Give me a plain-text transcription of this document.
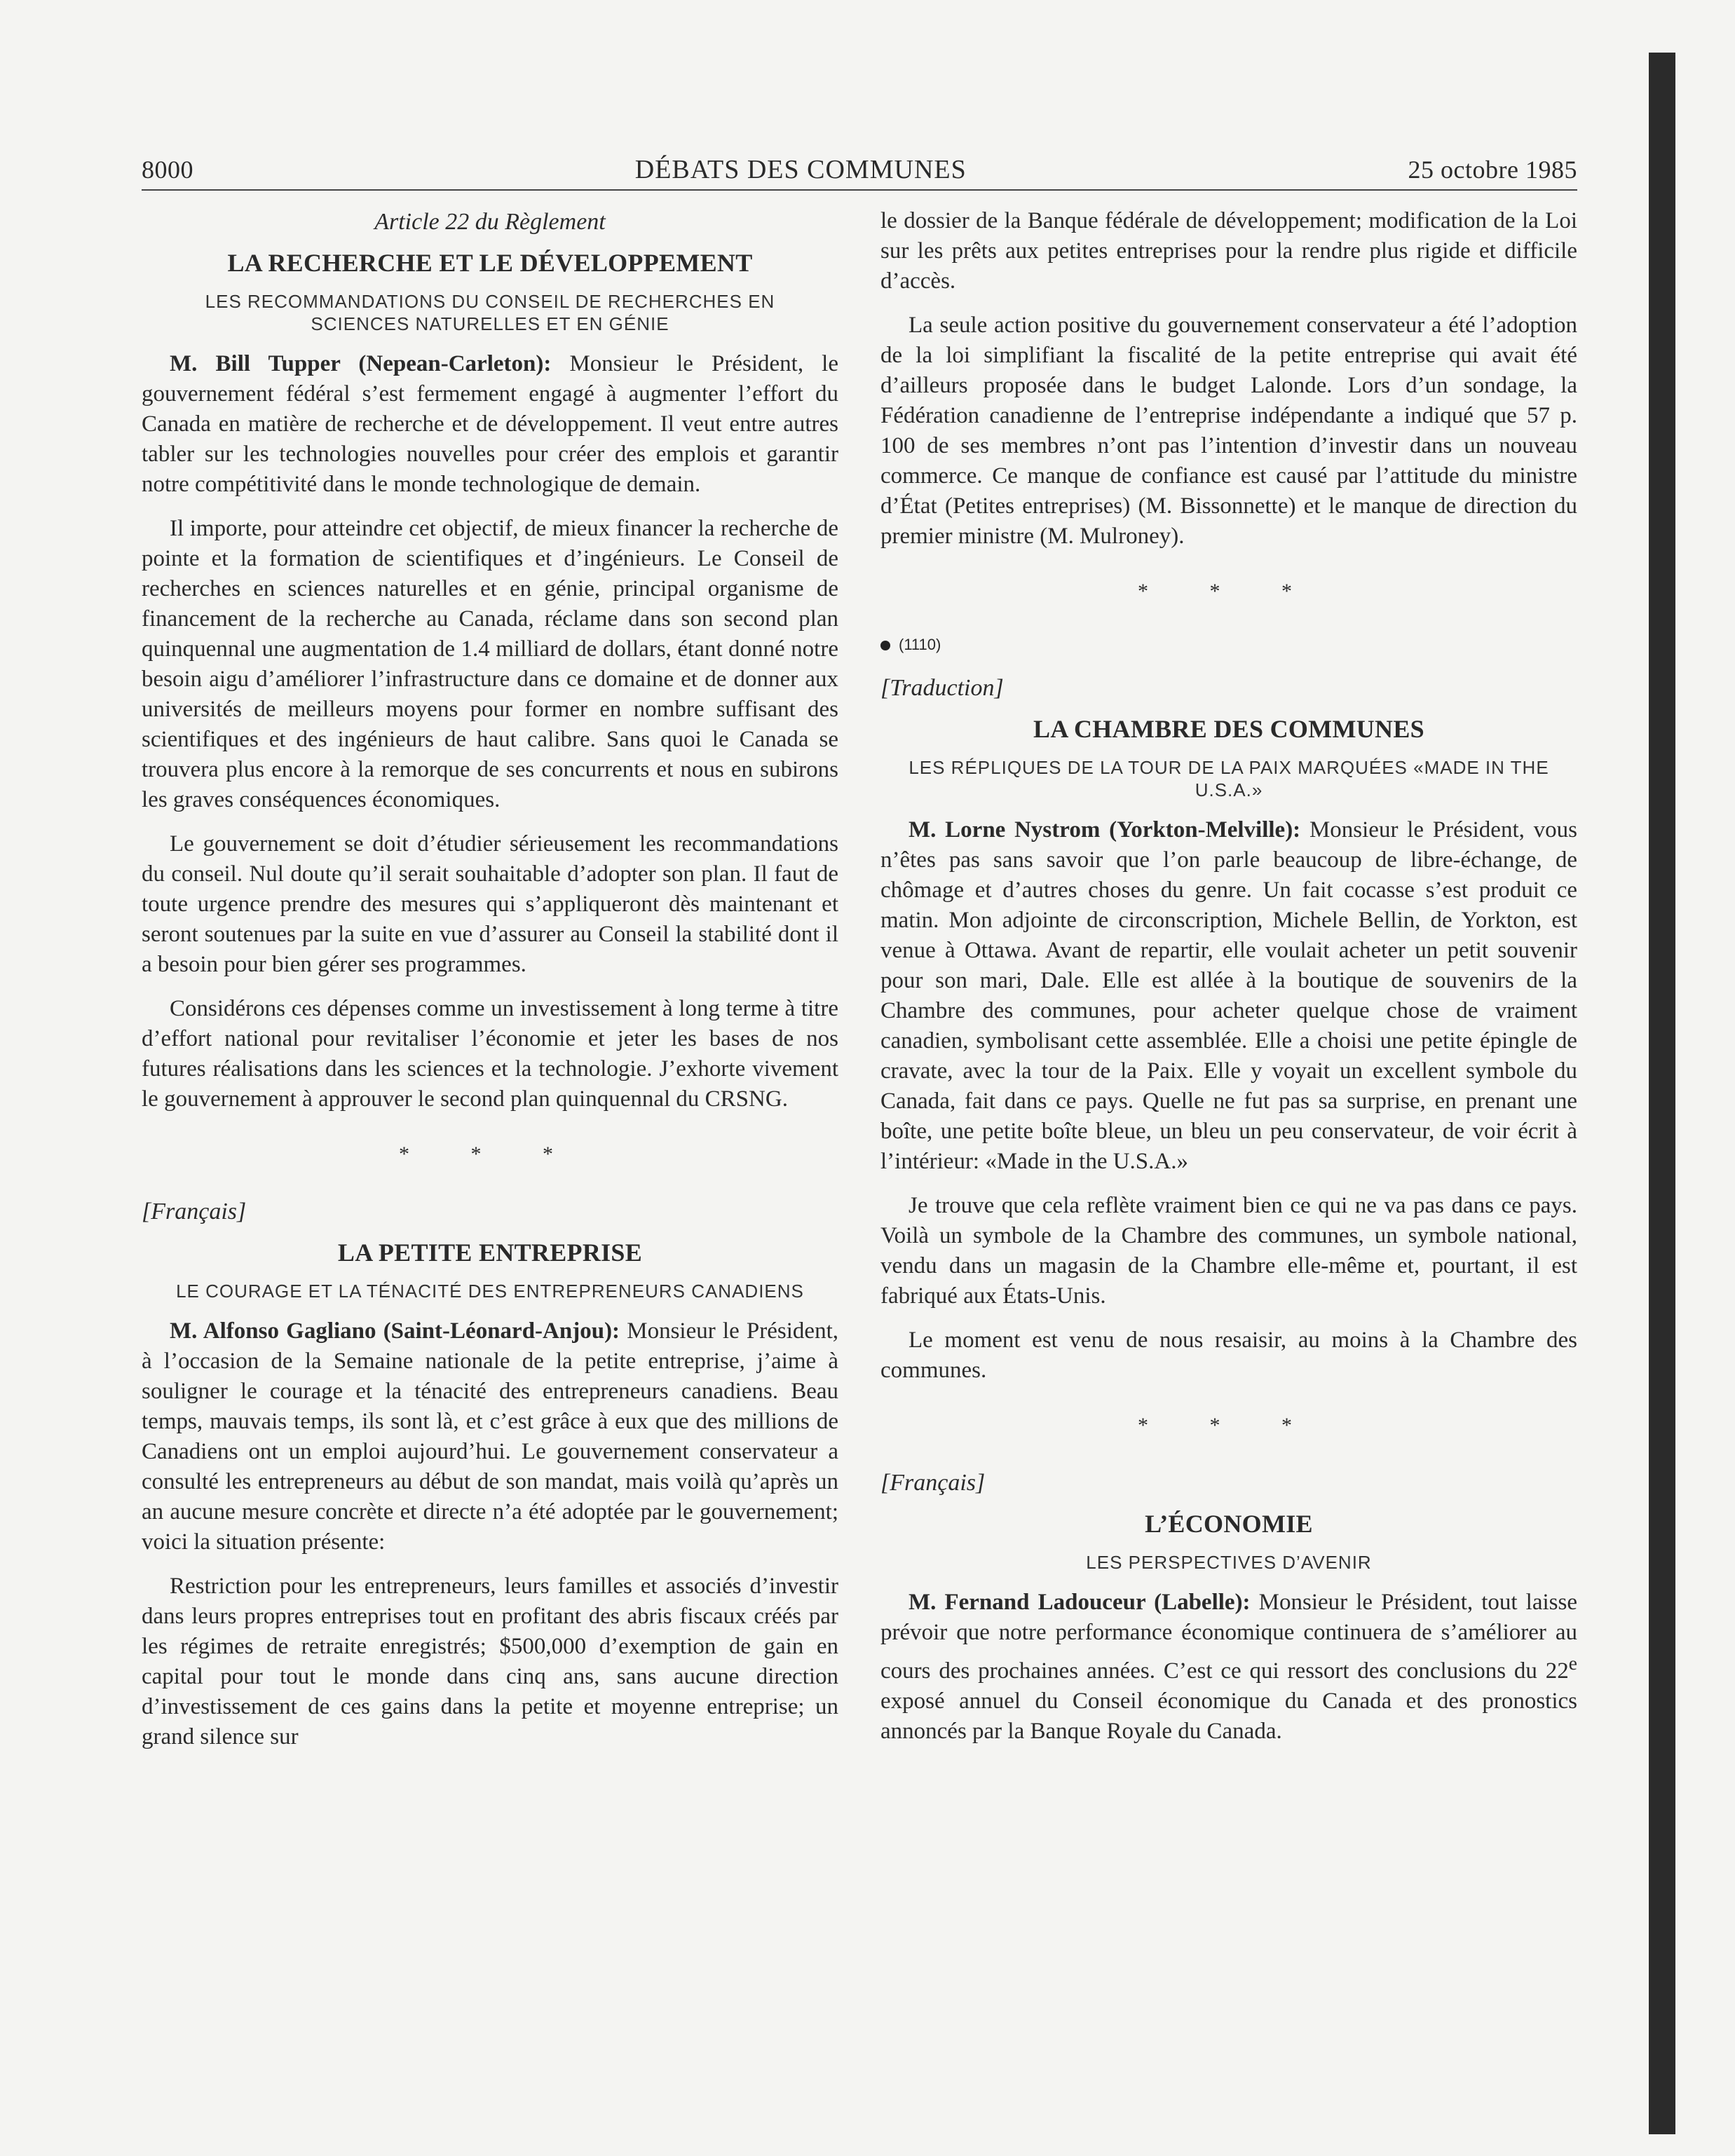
8000	DÉBATS DES COMMUNES	25 octobre 1985
Article 22 du Règlement
LA RECHERCHE ET LE DÉVELOPPEMENT
LES RECOMMANDATIONS DU CONSEIL DE RECHERCHES EN SCIENCES NATURELLES ET EN GÉNIE

M. Bill Tupper (Nepean-Carleton): Monsieur le Président, le gouvernement fédéral s’est fermement engagé à augmenter l’effort du Canada en matière de recherche et de développement. Il veut entre autres tabler sur les technologies nouvelles pour créer des emplois et garantir notre compétitivité dans le monde technologique de demain.

Il importe, pour atteindre cet objectif, de mieux financer la recherche de pointe et la formation de scientifiques et d’ingénieurs. Le Conseil de recherches en sciences naturelles et en génie, principal organisme de financement de la recherche au Canada, réclame dans son second plan quinquennal une augmentation de 1.4 milliard de dollars, étant donné notre besoin aigu d’améliorer l’infrastructure dans ce domaine et de donner aux universités de meilleurs moyens pour former en nombre suffisant des scientifiques et des ingénieurs de haut calibre. Sans quoi le Canada se trouvera plus encore à la remorque de ses concurrents et nous en subirons les graves conséquences économiques.

Le gouvernement se doit d’étudier sérieusement les recommandations du conseil. Nul doute qu’il serait souhaitable d’adopter son plan. Il faut de toute urgence prendre des mesures qui s’appliqueront dès maintenant et seront soutenues par la suite en vue d’assurer au Conseil la stabilité dont il a besoin pour bien gérer ses programmes.

Considérons ces dépenses comme un investissement à long terme à titre d’effort national pour revitaliser l’économie et jeter les bases de nos futures réalisations dans les sciences et la technologie. J’exhorte vivement le gouvernement à approuver le second plan quinquennal du CRSNG.

* * *
[Français]
LA PETITE ENTREPRISE
LE COURAGE ET LA TÉNACITÉ DES ENTREPRENEURS CANADIENS

M. Alfonso Gagliano (Saint-Léonard-Anjou): Monsieur le Président, à l’occasion de la Semaine nationale de la petite entreprise, j’aime à souligner le courage et la ténacité des entrepreneurs canadiens. Beau temps, mauvais temps, ils sont là, et c’est grâce à eux que des millions de Canadiens ont un emploi aujourd’hui. Le gouvernement conservateur a consulté les entrepreneurs au début de son mandat, mais voilà qu’après un an aucune mesure concrète et directe n’a été adoptée par le gouvernement; voici la situation présente:

Restriction pour les entrepreneurs, leurs familles et associés d’investir dans leurs propres entreprises tout en profitant des abris fiscaux créés par les régimes de retraite enregistrés; $500,000 d’exemption de gain en capital pour tout le monde dans cinq ans, sans aucune direction d’investissement de ces gains dans la petite et moyenne entreprise; un grand silence sur

le dossier de la Banque fédérale de développement; modification de la Loi sur les prêts aux petites entreprises pour la rendre plus rigide et difficile d’accès.

La seule action positive du gouvernement conservateur a été l’adoption de la loi simplifiant la fiscalité de la petite entreprise qui avait été d’ailleurs proposée dans le budget Lalonde. Lors d’un sondage, la Fédération canadienne de l’entreprise indépendante a indiqué que 57 p. 100 de ses membres n’ont pas l’intention d’investir dans un nouveau commerce. Ce manque de confiance est causé par l’attitude du ministre d’État (Petites entreprises) (M. Bissonnette) et le manque de direction du premier ministre (M. Mulroney).

* * *
(1110)
[Traduction]
LA CHAMBRE DES COMMUNES
LES RÉPLIQUES DE LA TOUR DE LA PAIX MARQUÉES «MADE IN THE U.S.A.»

M. Lorne Nystrom (Yorkton-Melville): Monsieur le Président, vous n’êtes pas sans savoir que l’on parle beaucoup de libre-échange, de chômage et d’autres choses du genre. Un fait cocasse s’est produit ce matin. Mon adjointe de circonscription, Michele Bellin, de Yorkton, est venue à Ottawa. Avant de repartir, elle voulait acheter un petit souvenir pour son mari, Dale. Elle est allée à la boutique de souvenirs de la Chambre des communes, pour acheter quelque chose de vraiment canadien, symbolisant cette assemblée. Elle a choisi une petite épingle de cravate, avec la tour de la Paix. Elle y voyait un excellent symbole du Canada, fait dans ce pays. Quelle ne fut pas sa surprise, en prenant une boîte, une petite boîte bleue, un bleu un peu conservateur, de voir écrit à l’intérieur: «Made in the U.S.A.»

Je trouve que cela reflète vraiment bien ce qui ne va pas dans ce pays. Voilà un symbole de la Chambre des communes, un symbole national, vendu dans un magasin de la Chambre elle-même et, pourtant, il est fabriqué aux États-Unis.

Le moment est venu de nous resaisir, au moins à la Chambre des communes.

* * *
[Français]
L’ÉCONOMIE
LES PERSPECTIVES D’AVENIR

M. Fernand Ladouceur (Labelle): Monsieur le Président, tout laisse prévoir que notre performance économique continuera de s’améliorer au cours des prochaines années. C’est ce qui ressort des conclusions du 22e exposé annuel du Conseil économique du Canada et des pronostics annoncés par la Banque Royale du Canada.
